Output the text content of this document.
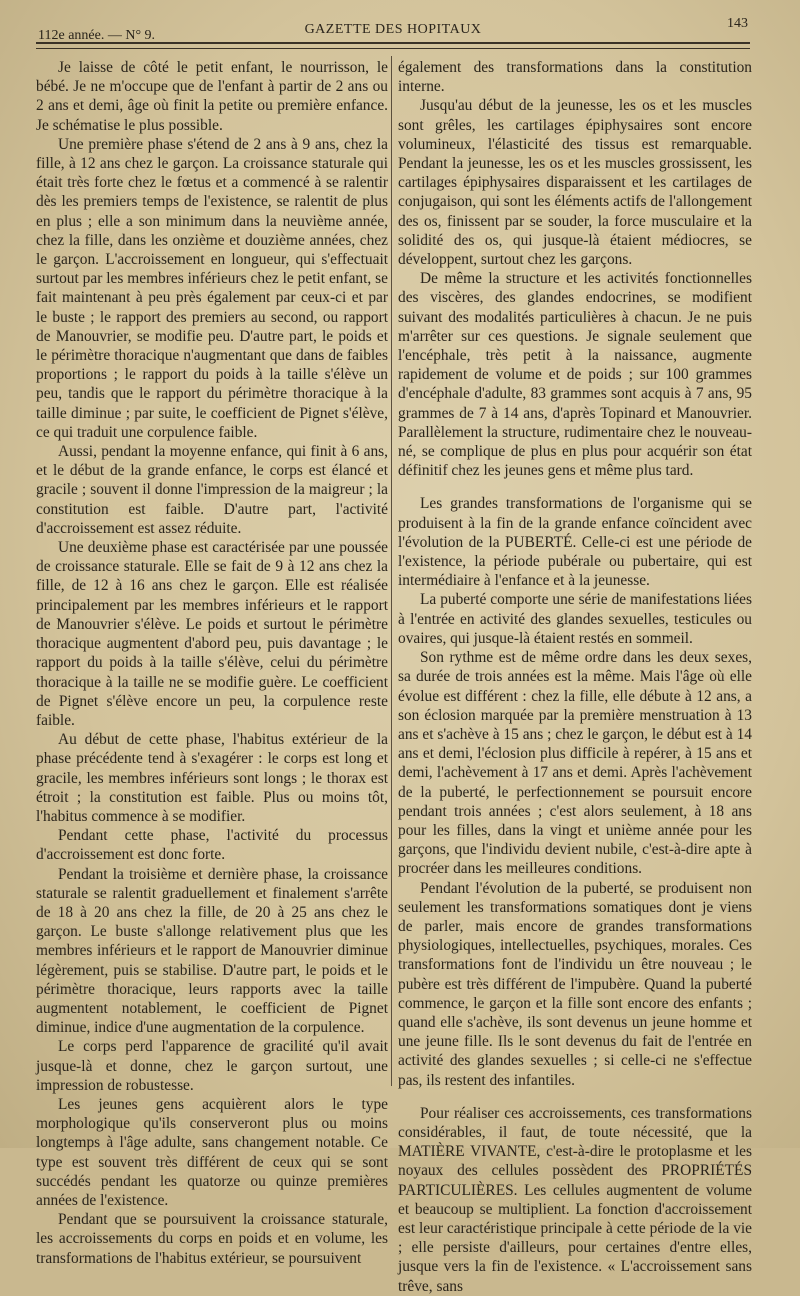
112e année. — N° 9.	GAZETTE DES HOPITAUX	143

Je laisse de côté le petit enfant, le nourrisson, le bébé. Je ne m'occupe que de l'enfant à partir de 2 ans ou 2 ans et demi, âge où finit la petite ou première enfance. Je schématise le plus possible.

Une première phase s'étend de 2 ans à 9 ans, chez la fille, à 12 ans chez le garçon. La croissance staturale qui était très forte chez le fœtus et a commencé à se ralentir dès les premiers temps de l'existence, se ralentit de plus en plus ; elle a son minimum dans la neuvième année, chez la fille, dans les onzième et douzième années, chez le garçon. L'accroissement en longueur, qui s'effectuait surtout par les membres inférieurs chez le petit enfant, se fait maintenant à peu près également par ceux-ci et par le buste ; le rapport des premiers au second, ou rapport de Manouvrier, se modifie peu. D'autre part, le poids et le périmètre thoracique n'augmentant que dans de faibles proportions ; le rapport du poids à la taille s'élève un peu, tandis que le rapport du périmètre thoracique à la taille diminue ; par suite, le coefficient de Pignet s'élève, ce qui traduit une corpulence faible.

Aussi, pendant la moyenne enfance, qui finit à 6 ans, et le début de la grande enfance, le corps est élancé et gracile ; souvent il donne l'impression de la maigreur ; la constitution est faible. D'autre part, l'activité d'accroissement est assez réduite.

Une deuxième phase est caractérisée par une poussée de croissance staturale. Elle se fait de 9 à 12 ans chez la fille, de 12 à 16 ans chez le garçon. Elle est réalisée principalement par les membres inférieurs et le rapport de Manouvrier s'élève. Le poids et surtout le périmètre thoracique augmentent d'abord peu, puis davantage ; le rapport du poids à la taille s'élève, celui du périmètre thoracique à la taille ne se modifie guère. Le coefficient de Pignet s'élève encore un peu, la corpulence reste faible.

Au début de cette phase, l'habitus extérieur de la phase précédente tend à s'exagérer : le corps est long et gracile, les membres inférieurs sont longs ; le thorax est étroit ; la constitution est faible. Plus ou moins tôt, l'habitus commence à se modifier.

Pendant cette phase, l'activité du processus d'accroissement est donc forte.

Pendant la troisième et dernière phase, la croissance staturale se ralentit graduellement et finalement s'arrête de 18 à 20 ans chez la fille, de 20 à 25 ans chez le garçon. Le buste s'allonge relativement plus que les membres inférieurs et le rapport de Manouvrier diminue légèrement, puis se stabilise. D'autre part, le poids et le périmètre thoracique, leurs rapports avec la taille augmentent notablement, le coefficient de Pignet diminue, indice d'une augmentation de la corpulence.

Le corps perd l'apparence de gracilité qu'il avait jusque-là et donne, chez le garçon surtout, une impression de robustesse.

Les jeunes gens acquièrent alors le type morphologique qu'ils conserveront plus ou moins longtemps à l'âge adulte, sans changement notable. Ce type est souvent très différent de ceux qui se sont succédés pendant les quatorze ou quinze premières années de l'existence.

Pendant que se poursuivent la croissance staturale, les accroissements du corps en poids et en volume, les transformations de l'habitus extérieur, se poursuivent

également des transformations dans la constitution interne.

Jusqu'au début de la jeunesse, les os et les muscles sont grêles, les cartilages épiphysaires sont encore volumineux, l'élasticité des tissus est remarquable. Pendant la jeunesse, les os et les muscles grossissent, les cartilages épiphysaires disparaissent et les cartilages de conjugaison, qui sont les éléments actifs de l'allongement des os, finissent par se souder, la force musculaire et la solidité des os, qui jusque-là étaient médiocres, se développent, surtout chez les garçons.

De même la structure et les activités fonctionnelles des viscères, des glandes endocrines, se modifient suivant des modalités particulières à chacun. Je ne puis m'arrêter sur ces questions. Je signale seulement que l'encéphale, très petit à la naissance, augmente rapidement de volume et de poids ; sur 100 grammes d'encéphale d'adulte, 83 grammes sont acquis à 7 ans, 95 grammes de 7 à 14 ans, d'après Topinard et Manouvrier. Parallèlement la structure, rudimentaire chez le nouveau-né, se complique de plus en plus pour acquérir son état définitif chez les jeunes gens et même plus tard.

Les grandes transformations de l'organisme qui se produisent à la fin de la grande enfance coïncident avec l'évolution de la PUBERTÉ. Celle-ci est une période de l'existence, la période pubérale ou pubertaire, qui est intermédiaire à l'enfance et à la jeunesse.

La puberté comporte une série de manifestations liées à l'entrée en activité des glandes sexuelles, testicules ou ovaires, qui jusque-là étaient restés en sommeil.

Son rythme est de même ordre dans les deux sexes, sa durée de trois années est la même. Mais l'âge où elle évolue est différent : chez la fille, elle débute à 12 ans, a son éclosion marquée par la première menstruation à 13 ans et s'achève à 15 ans ; chez le garçon, le début est à 14 ans et demi, l'éclosion plus difficile à repérer, à 15 ans et demi, l'achèvement à 17 ans et demi. Après l'achèvement de la puberté, le perfectionnement se poursuit encore pendant trois années ; c'est alors seulement, à 18 ans pour les filles, dans la vingt et unième année pour les garçons, que l'individu devient nubile, c'est-à-dire apte à procréer dans les meilleures conditions.

Pendant l'évolution de la puberté, se produisent non seulement les transformations somatiques dont je viens de parler, mais encore de grandes transformations physiologiques, intellectuelles, psychiques, morales. Ces transformations font de l'individu un être nouveau ; le pubère est très différent de l'impubère. Quand la puberté commence, le garçon et la fille sont encore des enfants ; quand elle s'achève, ils sont devenus un jeune homme et une jeune fille. Ils le sont devenus du fait de l'entrée en activité des glandes sexuelles ; si celle-ci ne s'effectue pas, ils restent des infantiles.

Pour réaliser ces accroissements, ces transformations considérables, il faut, de toute nécessité, que la MATIÈRE VIVANTE, c'est-à-dire le protoplasme et les noyaux des cellules possèdent des PROPRIÉTÉS PARTICULIÈRES. Les cellules augmentent de volume et beaucoup se multiplient. La fonction d'accroissement est leur caractéristique principale à cette période de la vie ; elle persiste d'ailleurs, pour certaines d'entre elles, jusque vers la fin de l'existence. « L'accroissement sans trêve, sans
